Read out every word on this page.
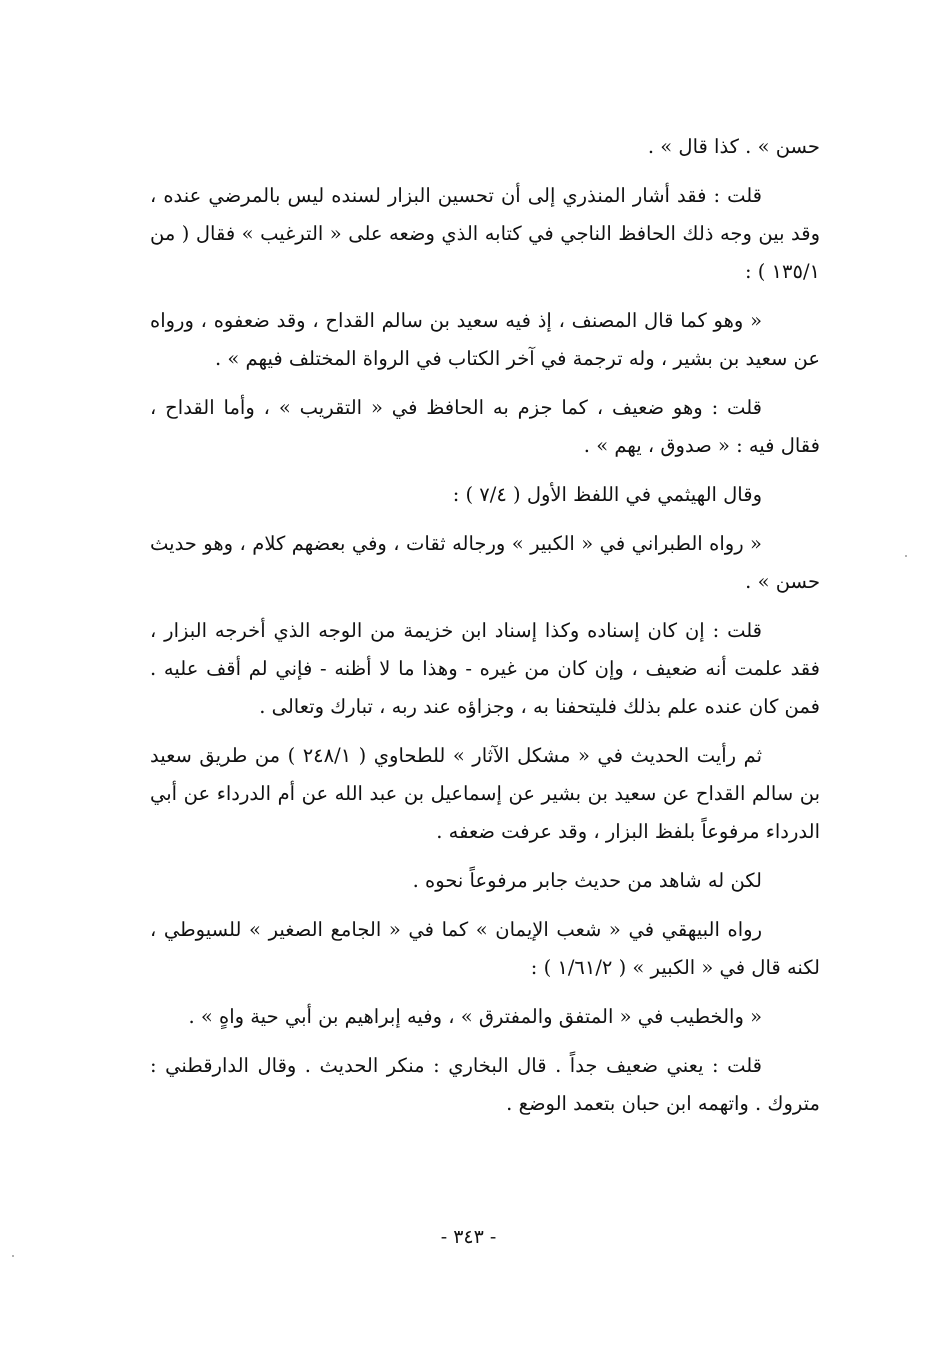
حسن » . كذا قال » .

قلت : فقد أشار المنذري إلى أن تحسين البزار لسنده ليس بالمرضي عنده ، وقد بين وجه ذلك الحافظ الناجي في كتابه الذي وضعه على « الترغيب » فقال ( من ١٣٥/١ ) :

« وهو كما قال المصنف ، إذ فيه سعيد بن سالم القداح ، وقد ضعفوه ، ورواه عن سعيد بن بشير ، وله ترجمة في آخر الكتاب في الرواة المختلف فيهم » .

قلت : وهو ضعيف ، كما جزم به الحافظ في « التقريب » ، وأما القداح ، فقال فيه : « صدوق ، يهم » .

وقال الهيثمي في اللفظ الأول ( ٧/٤ ) :

« رواه الطبراني في « الكبير » ورجاله ثقات ، وفي بعضهم كلام ، وهو حديث حسن » .

قلت : إن كان إسناده وكذا إسناد ابن خزيمة من الوجه الذي أخرجه البزار ، فقد علمت أنه ضعيف ، وإن كان من غيره - وهذا ما لا أظنه - فإني لم أقف عليه . فمن كان عنده علم بذلك فليتحفنا به ، وجزاؤه عند ربه ، تبارك وتعالى .

ثم رأيت الحديث في « مشكل الآثار » للطحاوي ( ٢٤٨/١ ) من طريق سعيد بن سالم القداح عن سعيد بن بشير عن إسماعيل بن عبد الله عن أم الدرداء عن أبي الدرداء مرفوعاً بلفظ البزار ، وقد عرفت ضعفه .

لكن له شاهد من حديث جابر مرفوعاً نحوه .

رواه البيهقي في « شعب الإيمان » كما في « الجامع الصغير » للسيوطي ، لكنه قال في « الكبير » ( ١/٦١/٢ ) :

« والخطيب في « المتفق والمفترق » ، وفيه إبراهيم بن أبي حية واهٍ » .

قلت : يعني ضعيف جداً . قال البخاري : منكر الحديث . وقال الدارقطني : متروك . واتهمه ابن حبان بتعمد الوضع .

- ٣٤٣ -
